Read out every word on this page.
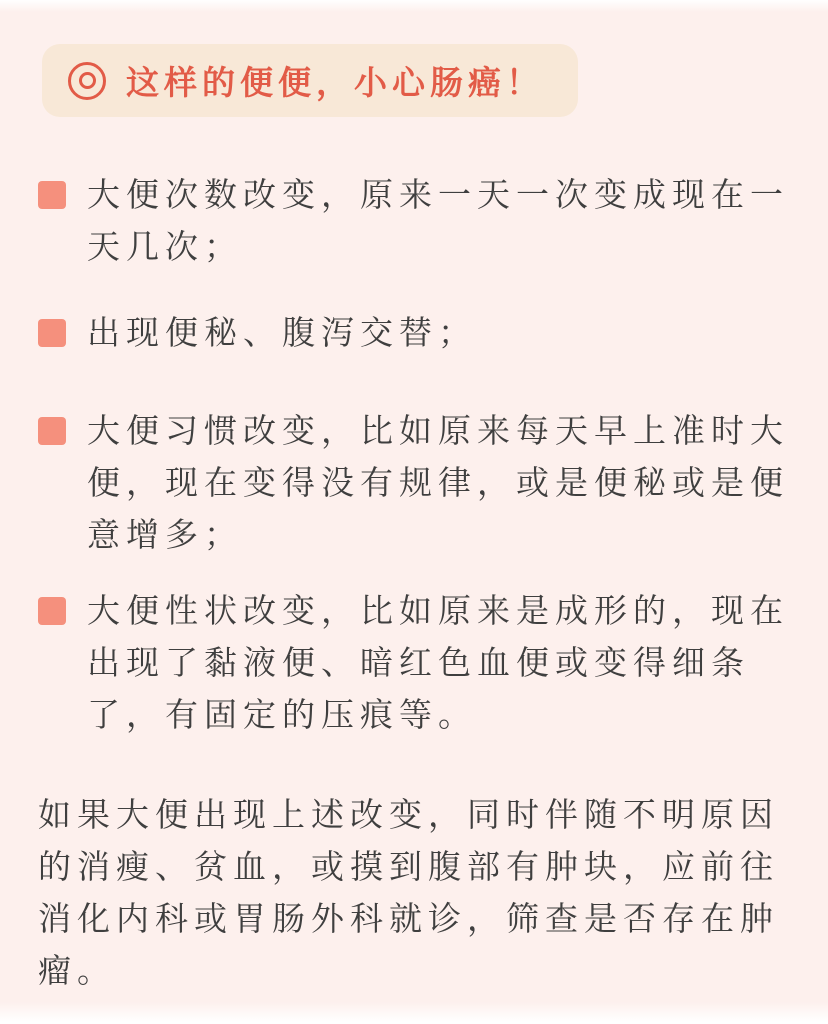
这样的便便，小心肠癌！
大便次数改变，原来一天一次变成现在一
天几次；
出现便秘、腹泻交替；
大便习惯改变，比如原来每天早上准时大
便，现在变得没有规律，或是便秘或是便
意增多；
大便性状改变，比如原来是成形的，现在
出现了黏液便、暗红色血便或变得细条
了，有固定的压痕等。
如果大便出现上述改变，同时伴随不明原因
的消瘦、贫血，或摸到腹部有肿块，应前往
消化内科或胃肠外科就诊，筛查是否存在肿
瘤。
